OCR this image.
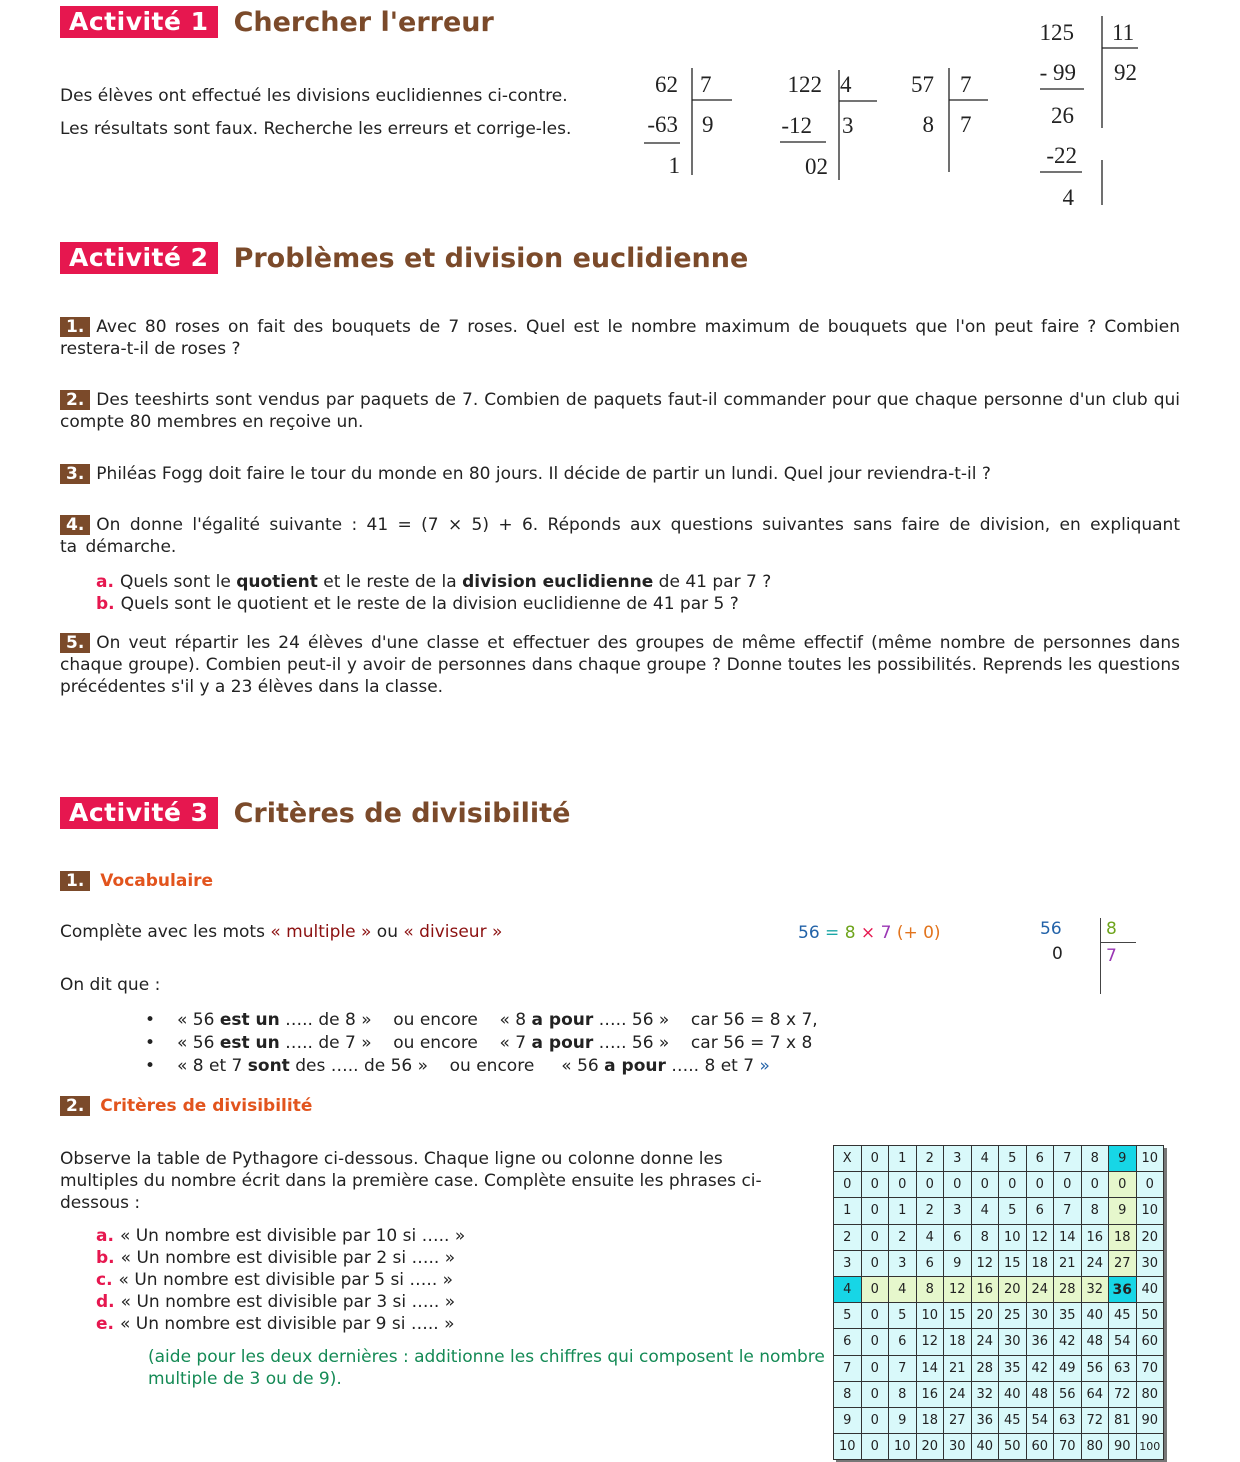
Activité 1 Chercher l'erreur
Des élèves ont effectué les divisions euclidiennes ci-contre.
Les résultats sont faux. Recherche les erreurs et corrige-les.
62 7
-63 9
1
122 4
-12 3
02
57 7
8 7
125 11
- 99 92
26
-22
4
Activité 2 Problèmes et division euclidienne
1. Avec 80 roses on fait des bouquets de 7 roses. Quel est le nombre maximum de bouquets que l'on peut faire ? Combien restera-t-il de roses ?
2. Des teeshirts sont vendus par paquets de 7. Combien de paquets faut-il commander pour que chaque personne d'un club qui compte 80 membres en reçoive un.
3. Philéas Fogg doit faire le tour du monde en 80 jours. Il décide de partir un lundi. Quel jour reviendra-t-il ?
4. On donne l'égalité suivante : 41 = (7 × 5) + 6. Réponds aux questions suivantes sans faire de division, en expliquant ta démarche.
a. Quels sont le quotient et le reste de la division euclidienne de 41 par 7 ?
b. Quels sont le quotient et le reste de la division euclidienne de 41 par 5 ?
5. On veut répartir les 24 élèves d'une classe et effectuer des groupes de même effectif (même nombre de personnes dans chaque groupe). Combien peut-il y avoir de personnes dans chaque groupe ? Donne toutes les possibilités. Reprends les questions précédentes s'il y a 23 élèves dans la classe.
Activité 3 Critères de divisibilité
1. Vocabulaire
Complète avec les mots « multiple » ou « diviseur »	56 = 8 × 7 (+ 0)	56
0
8
7
On dit que :
• « 56 est un ….. de 8 »    ou encore    « 8 a pour ….. 56 »    car 56 = 8 x 7,
• « 56 est un ….. de 7 »    ou encore    « 7 a pour ….. 56 »    car 56 = 7 x 8
• « 8 et 7 sont des ….. de 56 »    ou encore     « 56 a pour ….. 8 et 7 »
2. Critères de divisibilité
Observe la table de Pythagore ci-dessous. Chaque ligne ou colonne donne les multiples du nombre écrit dans la première case. Complète ensuite les phrases ci-dessous :
a. « Un nombre est divisible par 10 si ….. »
b. « Un nombre est divisible par 2 si ….. »
c. « Un nombre est divisible par 5 si ….. »
d. « Un nombre est divisible par 3 si ….. »
e. « Un nombre est divisible par 9 si ….. »
(aide pour les deux dernières : additionne les chiffres qui composent le nombre multiple de 3 ou de 9).
X	0	1	2	3	4	5	6	7	8	9	10
0	0	0	0	0	0	0	0	0	0	0	0
1	0	1	2	3	4	5	6	7	8	9	10
2	0	2	4	6	8	10	12	14	16	18	20
3	0	3	6	9	12	15	18	21	24	27	30
4	0	4	8	12	16	20	24	28	32	36	40
5	0	5	10	15	20	25	30	35	40	45	50
6	0	6	12	18	24	30	36	42	48	54	60
7	0	7	14	21	28	35	42	49	56	63	70
8	0	8	16	24	32	40	48	56	64	72	80
9	0	9	18	27	36	45	54	63	72	81	90
10	0	10	20	30	40	50	60	70	80	90	100
